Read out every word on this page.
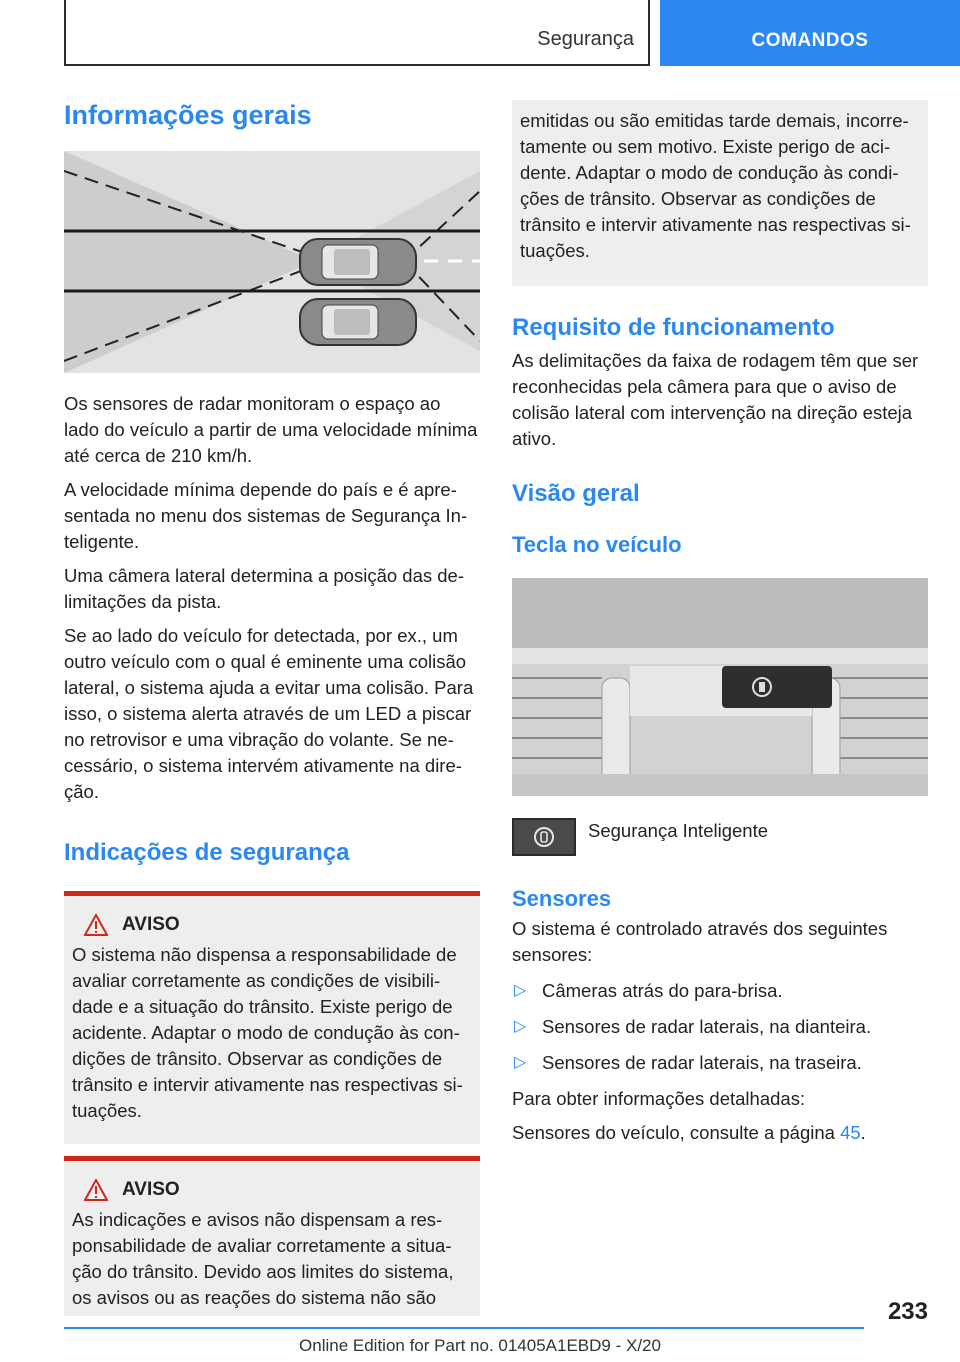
Segurança	COMANDOS
Informações gerais

Os sensores de radar monitoram o espaço ao lado do veículo a partir de uma velocidade mínima até cerca de 210 km/h.

A velocidade mínima depende do país e é apresentada no menu dos sistemas de Segurança Inteligente.

Uma câmera lateral determina a posição das delimitações da pista.

Se ao lado do veículo for detectada, por ex., um outro veículo com o qual é eminente uma colisão lateral, o sistema ajuda a evitar uma colisão. Para isso, o sistema alerta através de um LED a piscar no retrovisor e uma vibração do volante. Se necessário, o sistema intervém ativamente na direção.

Indicações de segurança
AVISO

O sistema não dispensa a responsabilidade de avaliar corretamente as condições de visibilidade e a situação do trânsito. Existe perigo de acidente. Adaptar o modo de condução às condições de trânsito. Observar as condições de trânsito e intervir ativamente nas respectivas situações.

AVISO

As indicações e avisos não dispensam a responsabilidade de avaliar corretamente a situação do trânsito. Devido aos limites do sistema, os avisos ou as reações do sistema não são

emitidas ou são emitidas tarde demais, incorretamente ou sem motivo. Existe perigo de acidente. Adaptar o modo de condução às condições de trânsito. Observar as condições de trânsito e intervir ativamente nas respectivas situações.

Requisito de funcionamento

As delimitações da faixa de rodagem têm que ser reconhecidas pela câmera para que o aviso de colisão lateral com intervenção na direção esteja ativo.

Visão geral
Tecla no veículo

Segurança Inteligente

Sensores

O sistema é controlado através dos seguintes sensores:

▷ Câmeras atrás do para-brisa.
▷ Sensores de radar laterais, na dianteira.
▷ Sensores de radar laterais, na traseira.

Para obter informações detalhadas:

Sensores do veículo, consulte a página 45.

233
Online Edition for Part no. 01405A1EBD9 - X/20
